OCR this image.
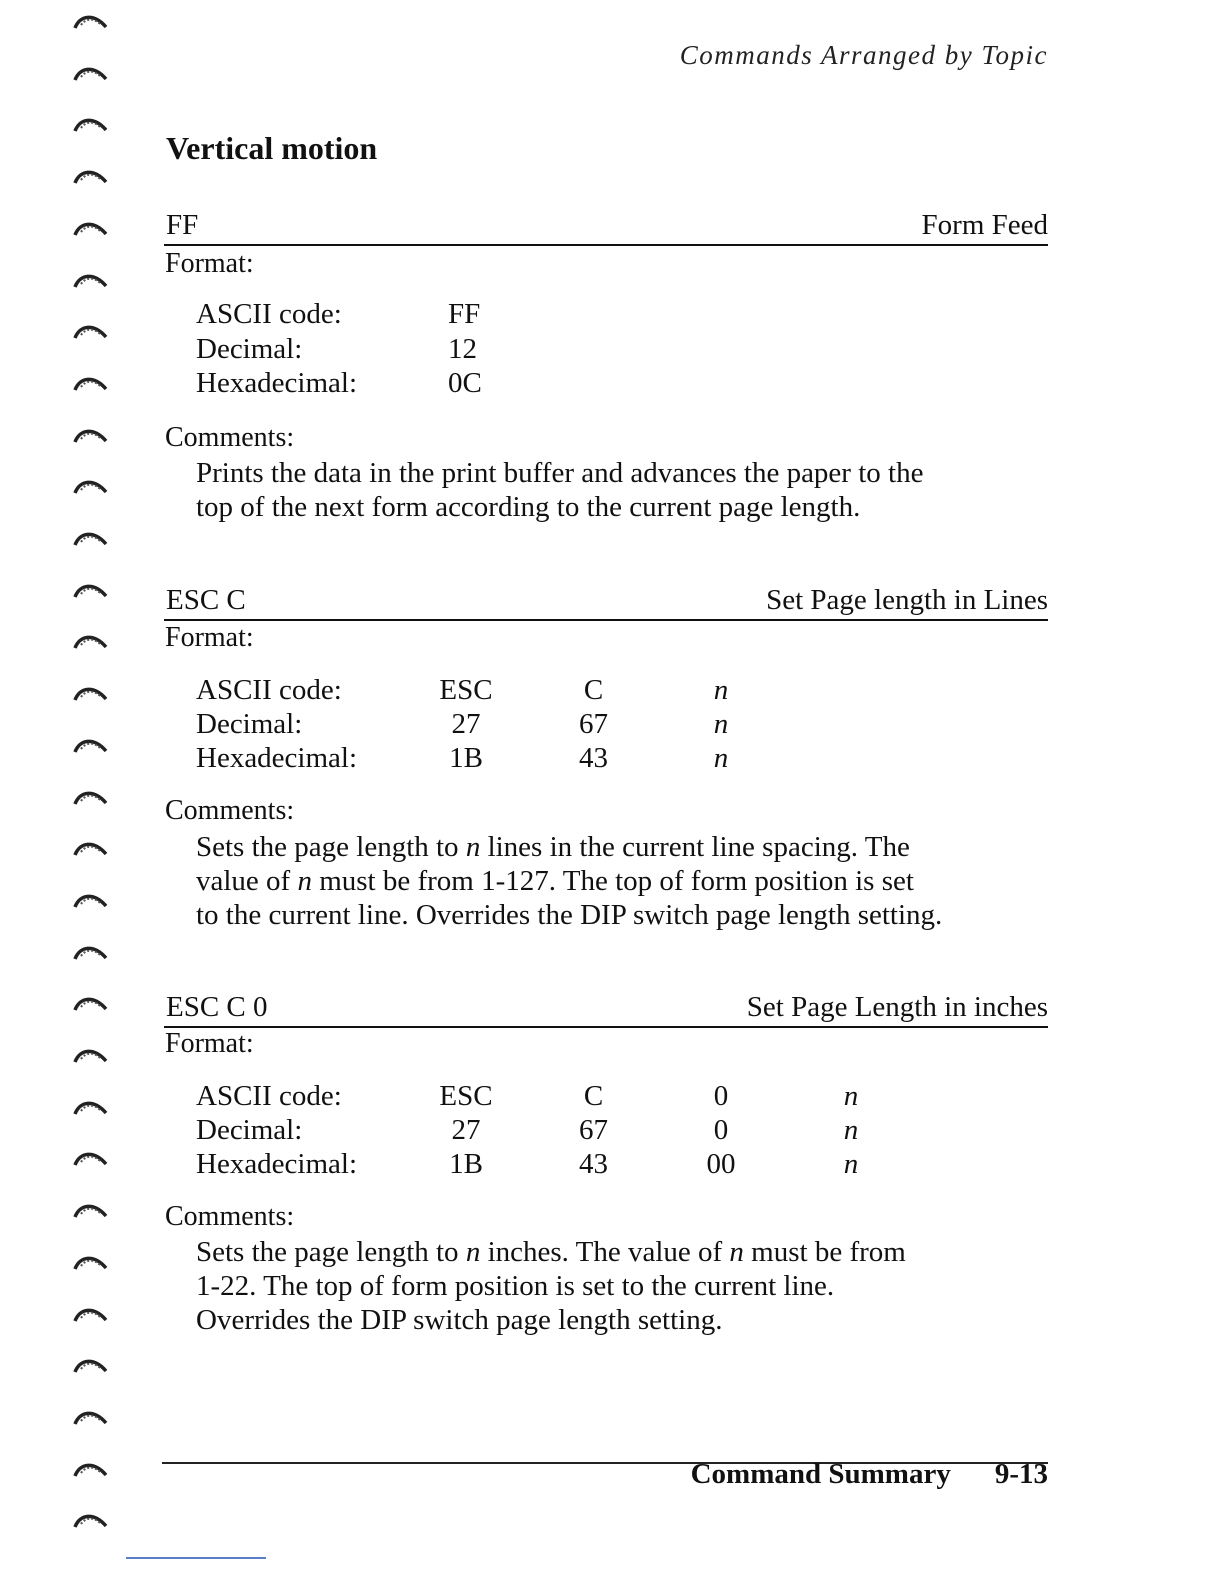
Commands Arranged by Topic
Vertical motion
FF	Form Feed
Format:
ASCII code:	FF
Decimal:	12
Hexadecimal:	0C
Comments:
Prints the data in the print buffer and advances the paper to the
top of the next form according to the current page length.
ESC C	Set Page length in Lines
Format:
ASCII code:	ESC	C	n
Decimal:	27	67	n
Hexadecimal:	1B	43	n
Comments:
Sets the page length to n lines in the current line spacing. The
value of n must be from 1-127. The top of form position is set
to the current line. Overrides the DIP switch page length setting.
ESC C 0	Set Page Length in inches
Format:
ASCII code:	ESC	C	0	n
Decimal:	27	67	0	n
Hexadecimal:	1B	43	00	n
Comments:
Sets the page length to n inches. The value of n must be from
1-22. The top of form position is set to the current line.
Overrides the DIP switch page length setting.
Command Summary 9-13
